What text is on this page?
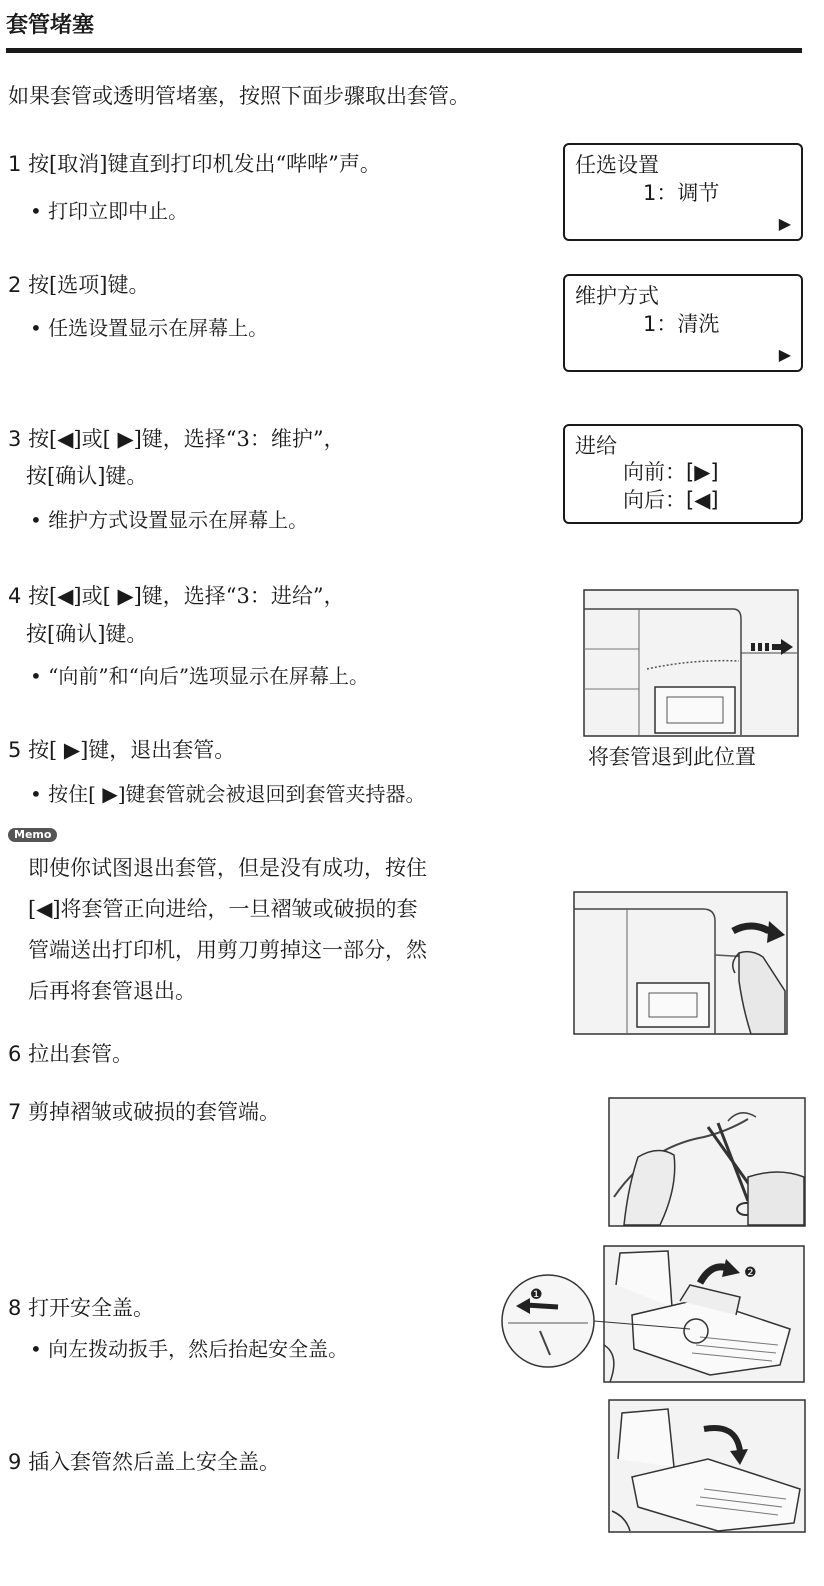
套管堵塞
如果套管或透明管堵塞，按照下面步骤取出套管。
1 按[取消]键直到打印机发出“哔哔”声。
• 打印立即中止。
2 按[选项]键。
• 任选设置显示在屏幕上。
3 按[◀]或[ ▶]键，选择“3：维护”，
按[确认]键。
• 维护方式设置显示在屏幕上。
4 按[◀]或[ ▶]键，选择“3：进给”，
按[确认]键。
• “向前”和“向后”选项显示在屏幕上。
5 按[ ▶]键，退出套管。
• 按住[ ▶]键套管就会被退回到套管夹持器。
Memo
即使你试图退出套管，但是没有成功，按住
[◀]将套管正向进给，一旦褶皱或破损的套
管端送出打印机，用剪刀剪掉这一部分，然
后再将套管退出。
6 拉出套管。
7 剪掉褶皱或破损的套管端。
8 打开安全盖。
• 向左拨动扳手，然后抬起安全盖。
9 插入套管然后盖上安全盖。
任选设置
1：调节
▶
维护方式
1：清洗
▶
进给
向前：[▶]
向后：[◀]
将套管退到此位置
❷
❶
